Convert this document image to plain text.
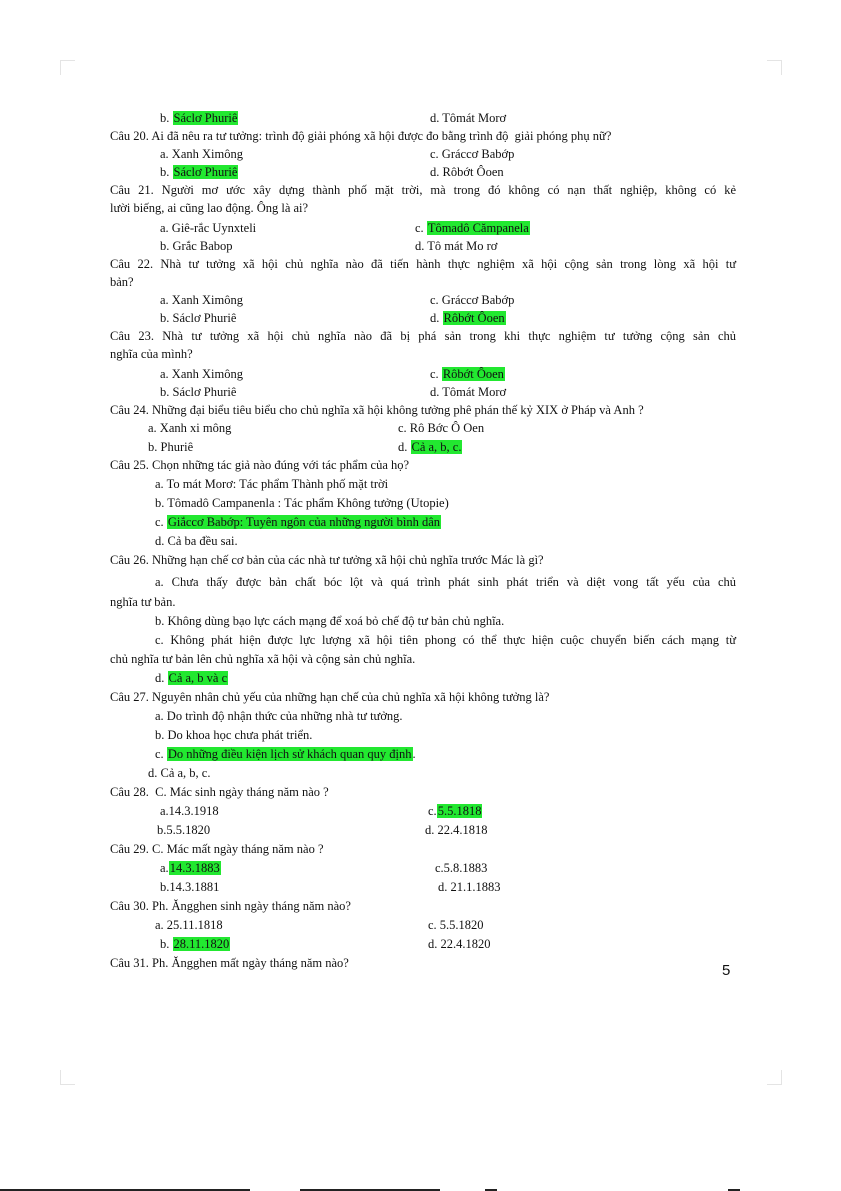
b. Sáclơ Phuriê	d. Tômát Morơ
Câu 20. Ai đã nêu ra tư tưởng: trình độ giải phóng xã hội được đo bằng trình độ  giải phóng phụ nữ?
a. Xanh Ximông	c. Gráccơ Babớp
b. Sáclơ Phuriê	d. Rôbớt Ôoen
Câu 21. Người mơ ước xây dựng thành phố mặt trời, mà trong đó không có nạn thất nghiệp, không có kẻ
lười biếng, ai cũng lao động. Ông là ai?
a. Giê-rắc Uynxteli	c. Tômadô Cămpanela
b. Grắc Babop	d. Tô mát Mo rơ
Câu 22. Nhà tư tưởng xã hội chủ nghĩa nào đã tiến hành thực nghiệm xã hội cộng sản trong lòng xã hội tư
bản?
a. Xanh Ximông	c. Gráccơ Babớp
b. Sáclơ Phuriê	d. Rôbớt Ôoen
Câu 23. Nhà tư tưởng xã hội chủ nghĩa nào đã bị phá sản trong khi thực nghiệm tư tưởng cộng sản chủ
nghĩa của mình?
a. Xanh Ximông	c. Rôbớt Ôoen
b. Sáclơ Phuriê	d. Tômát Morơ
Câu 24. Những đại biểu tiêu biểu cho chủ nghĩa xã hội không tưởng phê phán thế kỷ XIX ở Pháp và Anh ?
a. Xanh xi mông	c. Rô Bớc Ô Oen
b. Phuriê	d. Cả a, b, c.
Câu 25. Chọn những tác giả nào đúng với tác phẩm của họ?
a. To mát Morơ: Tác phẩm Thành phố mặt trời
b. Tômadô Campanenla : Tác phẩm Không tưởng (Utopie)
c. Giắccơ Babớp: Tuyên ngôn của những người bình dân
d. Cả ba đều sai.
Câu 26. Những hạn chế cơ bản của các nhà tư tưởng xã hội chủ nghĩa trước Mác là gì?
a. Chưa thấy được bản chất bóc lột và quá trình phát sinh phát triển và diệt vong tất yếu của chủ
nghĩa tư bản.
b. Không dùng bạo lực cách mạng để xoá bỏ chế độ tư bản chủ nghĩa.
c. Không phát hiện được lực lượng xã hội tiên phong có thể thực hiện cuộc chuyển biến cách mạng từ
chủ nghĩa tư bản lên chủ nghĩa xã hội và cộng sản chủ nghĩa.
d. Cả a, b và c
Câu 27. Nguyên nhân chủ yếu của những hạn chế của chủ nghĩa xã hội không tưởng là?
a. Do trình độ nhận thức của những nhà tư tưởng.
b. Do khoa học chưa phát triển.
c. Do những điều kiện lịch sử khách quan quy định.
d. Cả a, b, c.
Câu 28.  C. Mác sinh ngày tháng năm nào ?
a.14.3.1918	c.5.5.1818
b.5.5.1820	d. 22.4.1818
Câu 29. C. Mác mất ngày tháng năm nào ?
a.14.3.1883	c.5.8.1883
b.14.3.1881	d. 21.1.1883
Câu 30. Ph. Ăngghen sinh ngày tháng năm nào?
a. 25.11.1818	c. 5.5.1820
b. 28.11.1820	d. 22.4.1820
Câu 31. Ph. Ăngghen mất ngày tháng năm nào?	5
